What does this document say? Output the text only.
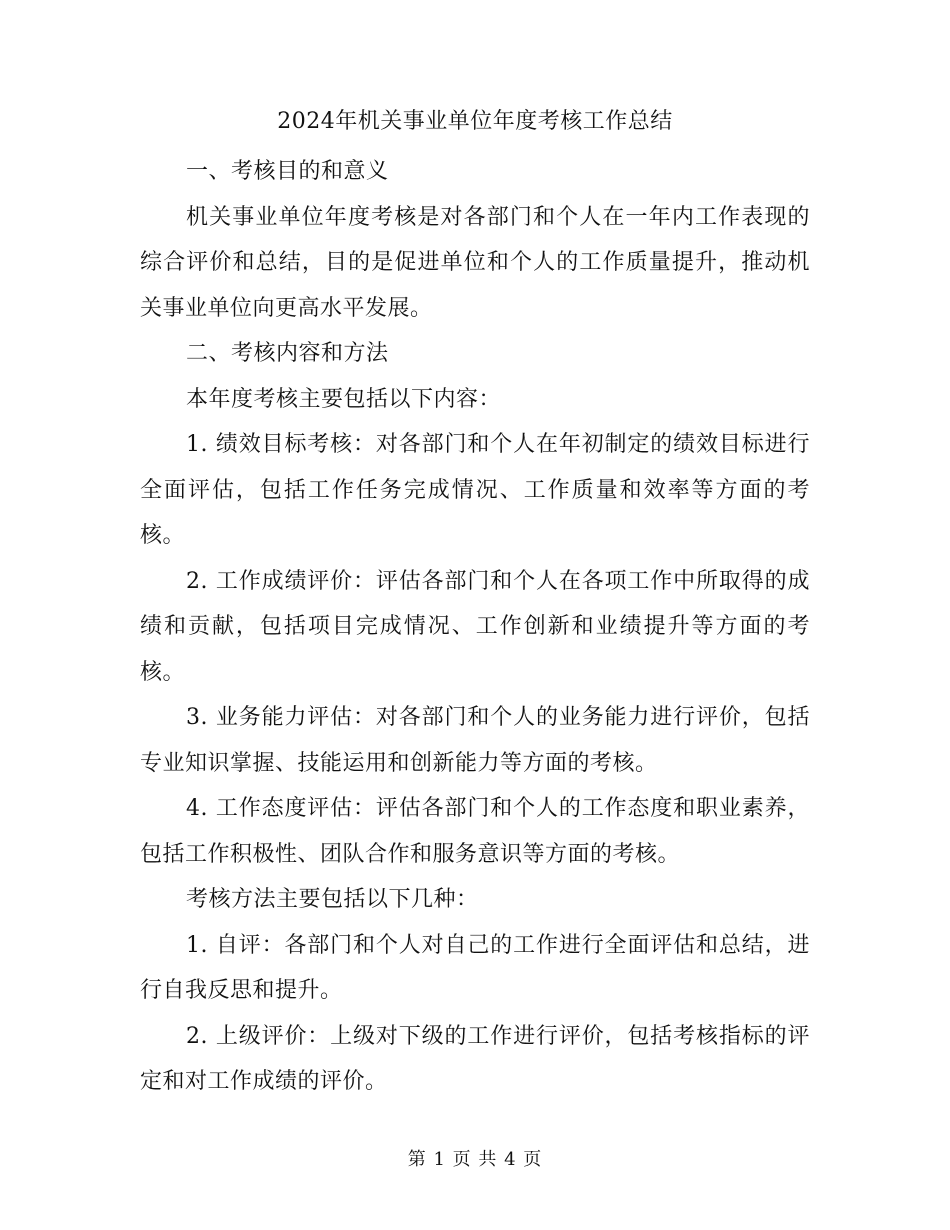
2024年机关事业单位年度考核工作总结

一、考核目的和意义

机关事业单位年度考核是对各部门和个人在一年内工作表现的综合评价和总结，目的是促进单位和个人的工作质量提升，推动机关事业单位向更高水平发展。

二、考核内容和方法

本年度考核主要包括以下内容：

1. 绩效目标考核：对各部门和个人在年初制定的绩效目标进行全面评估，包括工作任务完成情况、工作质量和效率等方面的考核。

2. 工作成绩评价：评估各部门和个人在各项工作中所取得的成绩和贡献，包括项目完成情况、工作创新和业绩提升等方面的考核。

3. 业务能力评估：对各部门和个人的业务能力进行评价，包括专业知识掌握、技能运用和创新能力等方面的考核。

4. 工作态度评估：评估各部门和个人的工作态度和职业素养，包括工作积极性、团队合作和服务意识等方面的考核。

考核方法主要包括以下几种：

1. 自评：各部门和个人对自己的工作进行全面评估和总结，进行自我反思和提升。

2. 上级评价：上级对下级的工作进行评价，包括考核指标的评定和对工作成绩的评价。

第 1 页 共 4 页
